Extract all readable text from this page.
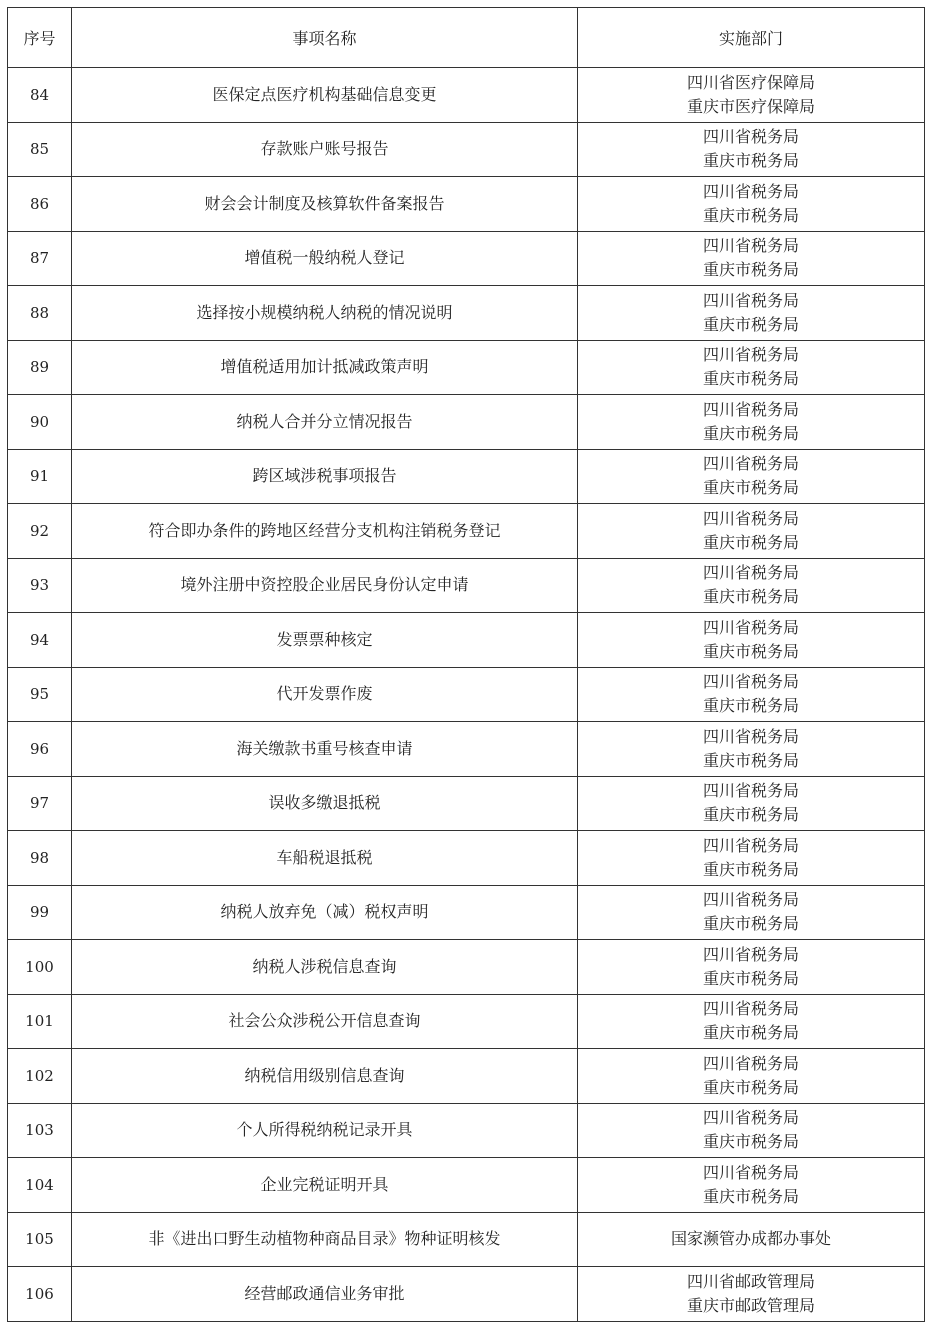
序号	事项名称	实施部门
84	医保定点医疗机构基础信息变更	四川省医疗保障局
重庆市医疗保障局

85	存款账户账号报告	四川省税务局
重庆市税务局

86	财会会计制度及核算软件备案报告	四川省税务局
重庆市税务局

87	增值税一般纳税人登记	四川省税务局
重庆市税务局

88	选择按小规模纳税人纳税的情况说明	四川省税务局
重庆市税务局

89	增值税适用加计抵减政策声明	四川省税务局
重庆市税务局

90	纳税人合并分立情况报告	四川省税务局
重庆市税务局

91	跨区域涉税事项报告	四川省税务局
重庆市税务局

92	符合即办条件的跨地区经营分支机构注销税务登记	四川省税务局
重庆市税务局

93	境外注册中资控股企业居民身份认定申请	四川省税务局
重庆市税务局

94	发票票种核定	四川省税务局
重庆市税务局

95	代开发票作废	四川省税务局
重庆市税务局

96	海关缴款书重号核查申请	四川省税务局
重庆市税务局

97	误收多缴退抵税	四川省税务局
重庆市税务局

98	车船税退抵税	四川省税务局
重庆市税务局

99	纳税人放弃免（减）税权声明	四川省税务局
重庆市税务局

100	纳税人涉税信息查询	四川省税务局
重庆市税务局

101	社会公众涉税公开信息查询	四川省税务局
重庆市税务局

102	纳税信用级别信息查询	四川省税务局
重庆市税务局

103	个人所得税纳税记录开具	四川省税务局
重庆市税务局

104	企业完税证明开具	四川省税务局
重庆市税务局

105	非《进出口野生动植物种商品目录》物种证明核发	国家濒管办成都办事处

106	经营邮政通信业务审批	四川省邮政管理局
重庆市邮政管理局
